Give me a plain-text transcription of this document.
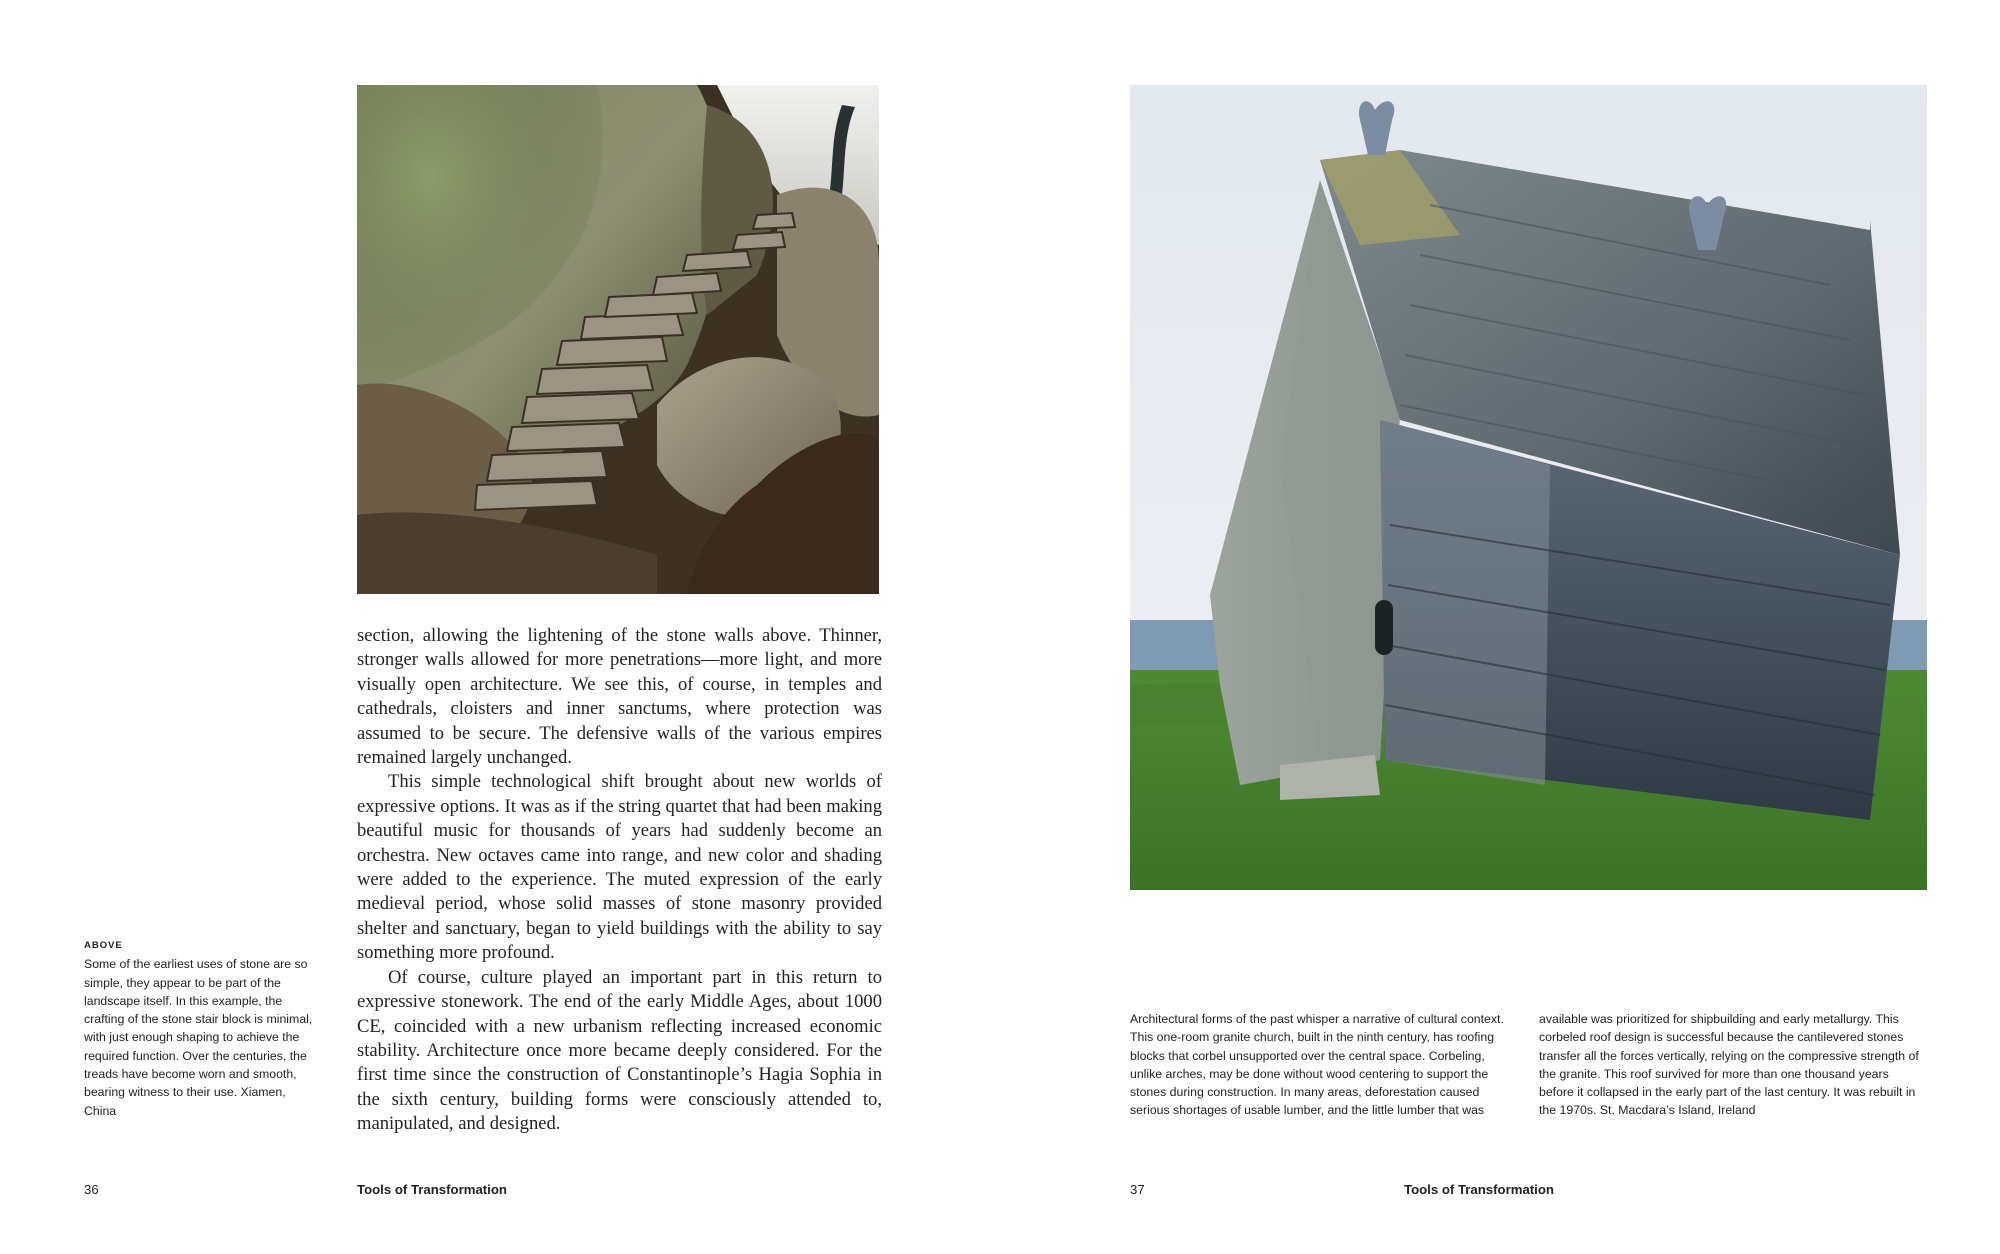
section, allowing the lightening of the stone walls above. Thinner, stronger walls allowed for more penetrations—more light, and more visually open architecture. We see this, of course, in temples and cathedrals, cloisters and inner sanctums, where protection was assumed to be secure. The defensive walls of the various empires remained largely unchanged.

This simple technological shift brought about new worlds of expressive options. It was as if the string quartet that had been making beautiful music for thousands of years had suddenly become an orchestra. New octaves came into range, and new color and shading were added to the experience. The muted expression of the early medieval period, whose solid masses of stone masonry provided shelter and sanctuary, began to yield buildings with the ability to say something more profound.

Of course, culture played an important part in this return to expressive stonework. The end of the early Middle Ages, about 1000 CE, coincided with a new urbanism reflecting increased economic stability. Architecture once more became deeply considered. For the first time since the construction of Constantinople’s Hagia Sophia in the sixth century, building forms were consciously attended to, manipulated, and designed.

ABOVE
Some of the earliest uses of stone are so simple, they appear to be part of the landscape itself. In this example, the crafting of the stone stair block is minimal, with just enough shaping to achieve the required function. Over the centuries, the treads have become worn and smooth, bearing witness to their use. Xiamen, China
36	Tools of Transformation
Architectural forms of the past whisper a narrative of cultural context. This one-room granite church, built in the ninth century, has roofing blocks that corbel unsupported over the central space. Corbeling, unlike arches, may be done without wood centering to support the stones during construction. In many areas, deforestation caused serious shortages of usable lumber, and the little lumber that was
available was prioritized for shipbuilding and early metallurgy. This corbeled roof design is successful because the cantilevered stones transfer all the forces vertically, relying on the compressive strength of the granite. This roof survived for more than one thousand years before it collapsed in the early part of the last century. It was rebuilt in the 1970s. St. Macdara’s Island, Ireland
37	Tools of Transformation
